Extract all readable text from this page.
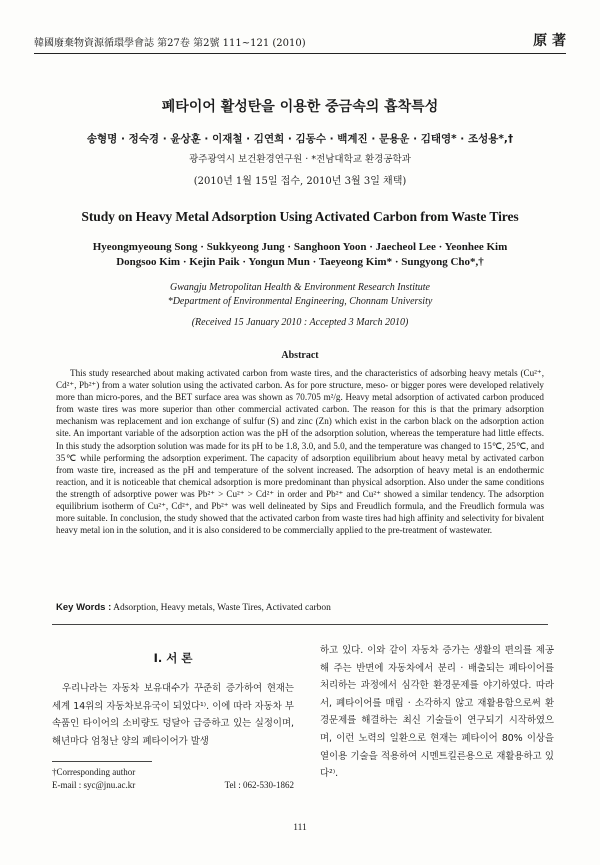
韓國廢棄物資源循環學會誌 第27卷 第2號 111~121 (2010)	原 著
폐타이어 활성탄을 이용한 중금속의 흡착특성
송형명 · 정숙경 · 윤상훈 · 이재철 · 김연희 · 김동수 · 백계진 · 문용운 · 김태영* · 조성용*,†
광주광역시 보건환경연구원 · *전남대학교 환경공학과
(2010년 1월 15일 접수, 2010년 3월 3일 채택)
Study on Heavy Metal Adsorption Using Activated Carbon from Waste Tires
Hyeongmyeoung Song · Sukkyeong Jung · Sanghoon Yoon · Jaecheol Lee · Yeonhee Kim
Dongsoo Kim · Kejin Paik · Yongun Mun · Taeyeong Kim* · Sungyong Cho*,†
Gwangju Metropolitan Health & Environment Research Institute
*Department of Environmental Engineering, Chonnam University
(Received 15 January 2010 : Accepted 3 March 2010)
Abstract
This study researched about making activated carbon from waste tires, and the characteristics of adsorbing heavy metals (Cu²⁺, Cd²⁺, Pb²⁺) from a water solution using the activated carbon. As for pore structure, meso- or bigger pores were developed relatively more than micro-pores, and the BET surface area was shown as 70.705 m²/g. Heavy metal adsorption of activated carbon produced from waste tires was more superior than other commercial activated carbon. The reason for this is that the primary adsorption mechanism was replacement and ion exchange of sulfur (S) and zinc (Zn) which exist in the carbon black on the adsorption action site. An important variable of the adsorption action was the pH of the adsorption solution, whereas the temperature had little effects. In this study the adsorption solution was made for its pH to be 1.8, 3.0, and 5.0, and the temperature was changed to 15℃, 25℃, and 35℃ while performing the adsorption experiment. The capacity of adsorption equilibrium about heavy metal by activated carbon from waste tire, increased as the pH and temperature of the solvent increased. The adsorption of heavy metal is an endothermic reaction, and it is noticeable that chemical adsorption is more predominant than physical adsorption. Also under the same conditions the strength of adsorptive power was Pb²⁺ > Cu²⁺ > Cd²⁺ in order and Pb²⁺ and Cu²⁺ showed a similar tendency. The adsorption equilibrium isotherm of Cu²⁺, Cd²⁺, and Pb²⁺ was well delineated by Sips and Freudlich formula, and the Freudlich formula was more suitable. In conclusion, the study showed that the activated carbon from waste tires had high affinity and selectivity for bivalent heavy metal ion in the solution, and it is also considered to be commercially applied to the pre-treatment of wastewater.
Key Words : Adsorption, Heavy metals, Waste Tires, Activated carbon
I. 서 론
우리나라는 자동차 보유대수가 꾸준히 증가하여 현재는 세계 14위의 자동차보유국이 되었다¹⁾. 이에 따라 자동차 부속품인 타이어의 소비량도 덩달아 급증하고 있는 실정이며, 해년마다 엄청난 양의 폐타이어가 발생
하고 있다. 이와 같이 자동차 증가는 생활의 편의를 제공해 주는 반면에 자동차에서 분리 · 배출되는 폐타이어를 처리하는 과정에서 심각한 환경문제를 야기하였다. 따라서, 폐타이어를 매립 · 소각하지 않고 재활용함으로써 환경문제를 해결하는 최신 기술들이 연구되기 시작하였으며, 이런 노력의 일환으로 현재는 폐타이어 80% 이상을 열이용 기술을 적용하여 시멘트킬른용으로 재활용하고 있다²⁾.
†Corresponding author
E-mail : syc@jnu.ac.kr	Tel : 062-530-1862
111
